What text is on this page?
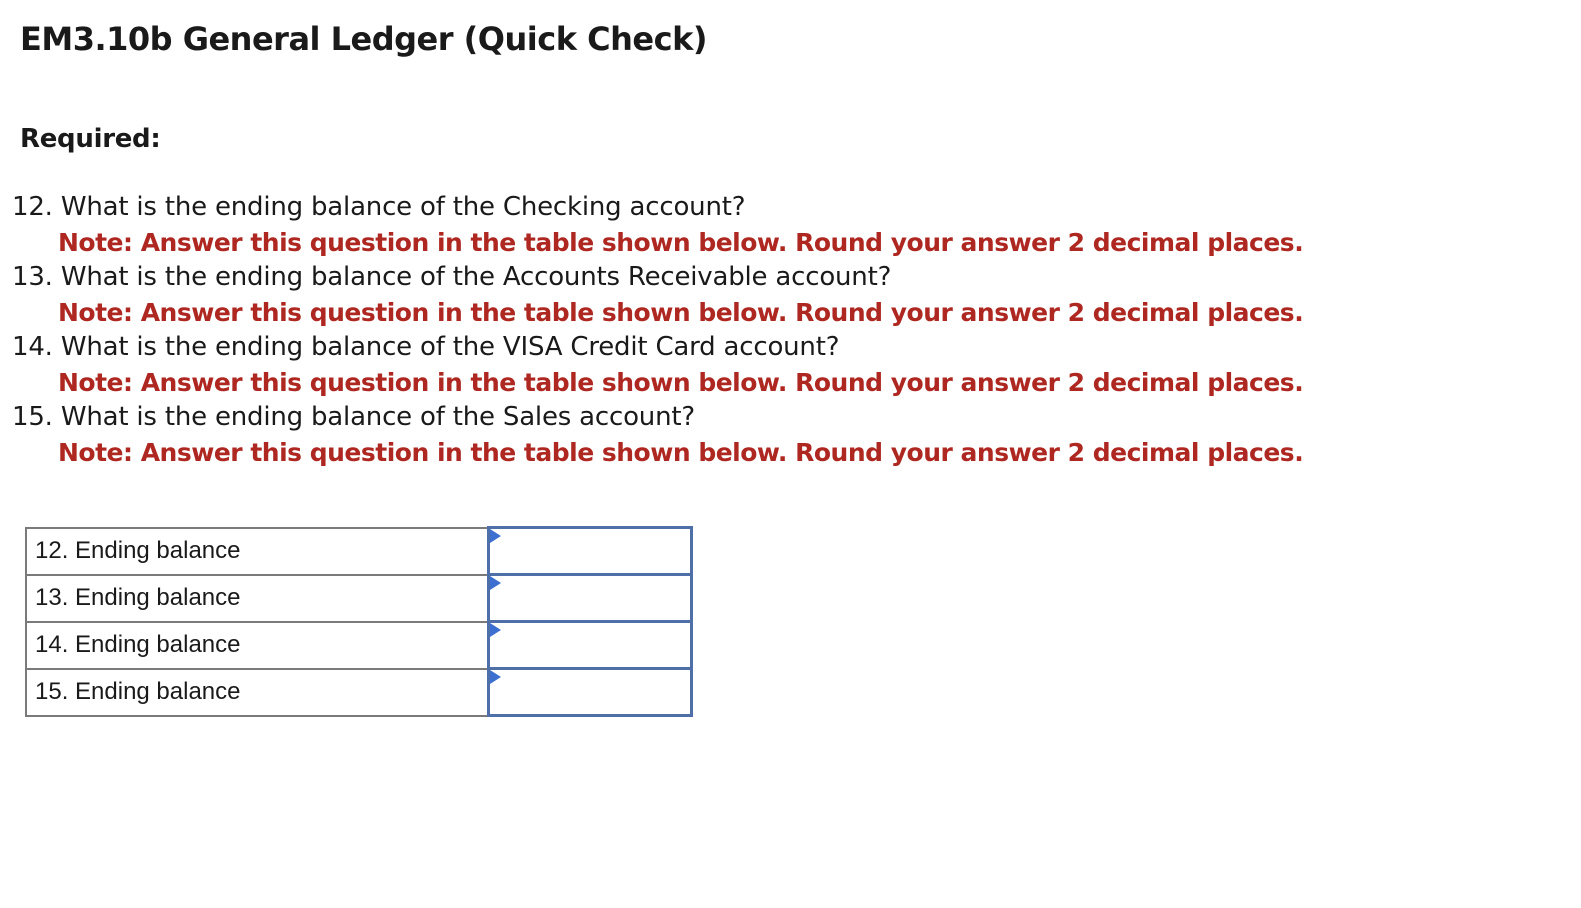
EM3.10b General Ledger (Quick Check)
Required:
12. What is the ending balance of the Checking account?
Note: Answer this question in the table shown below. Round your answer 2 decimal places.
13. What is the ending balance of the Accounts Receivable account?
Note: Answer this question in the table shown below. Round your answer 2 decimal places.
14. What is the ending balance of the VISA Credit Card account?
Note: Answer this question in the table shown below. Round your answer 2 decimal places.
15. What is the ending balance of the Sales account?
Note: Answer this question in the table shown below. Round your answer 2 decimal places.
12. Ending balance	

13. Ending balance	

14. Ending balance	

15. Ending balance	
